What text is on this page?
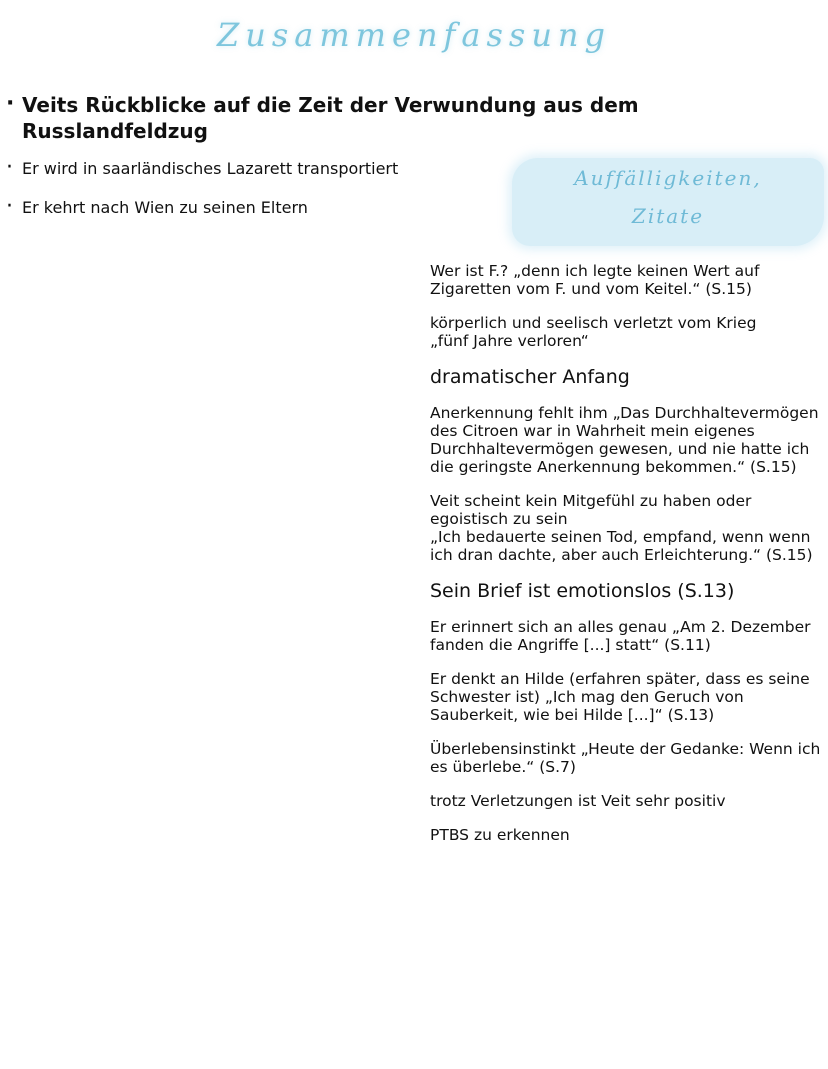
Zusammenfassung
· Veits Rückblicke auf die Zeit der Verwundung aus dem Russlandfeldzug
· Er wird in saarländisches Lazarett transportiert
· Er kehrt nach Wien zu seinen Eltern
Auffälligkeiten,
Zitate
Wer ist F.? „denn ich legte keinen Wert auf Zigaretten vom F. und vom Keitel.“ (S.15)
körperlich und seelisch verletzt vom Krieg
„fünf Jahre verloren“
dramatischer Anfang
Anerkennung fehlt ihm „Das Durchhaltevermögen des Citroen war in Wahrheit mein eigenes Durchhaltevermögen gewesen, und nie hatte ich die geringste Anerkennung bekommen.“ (S.15)
Veit scheint kein Mitgefühl zu haben oder egoistisch zu sein
„Ich bedauerte seinen Tod, empfand, wenn wenn ich dran dachte, aber auch Erleichterung.“ (S.15)
Sein Brief ist emotionslos (S.13)
Er erinnert sich an alles genau „Am 2. Dezember fanden die Angriffe [...] statt“ (S.11)
Er denkt an Hilde (erfahren später, dass es seine Schwester ist) „Ich mag den Geruch von Sauberkeit, wie bei Hilde [...]“ (S.13)
Überlebensinstinkt „Heute der Gedanke: Wenn ich es überlebe.“ (S.7)
trotz Verletzungen ist Veit sehr positiv
PTBS zu erkennen
